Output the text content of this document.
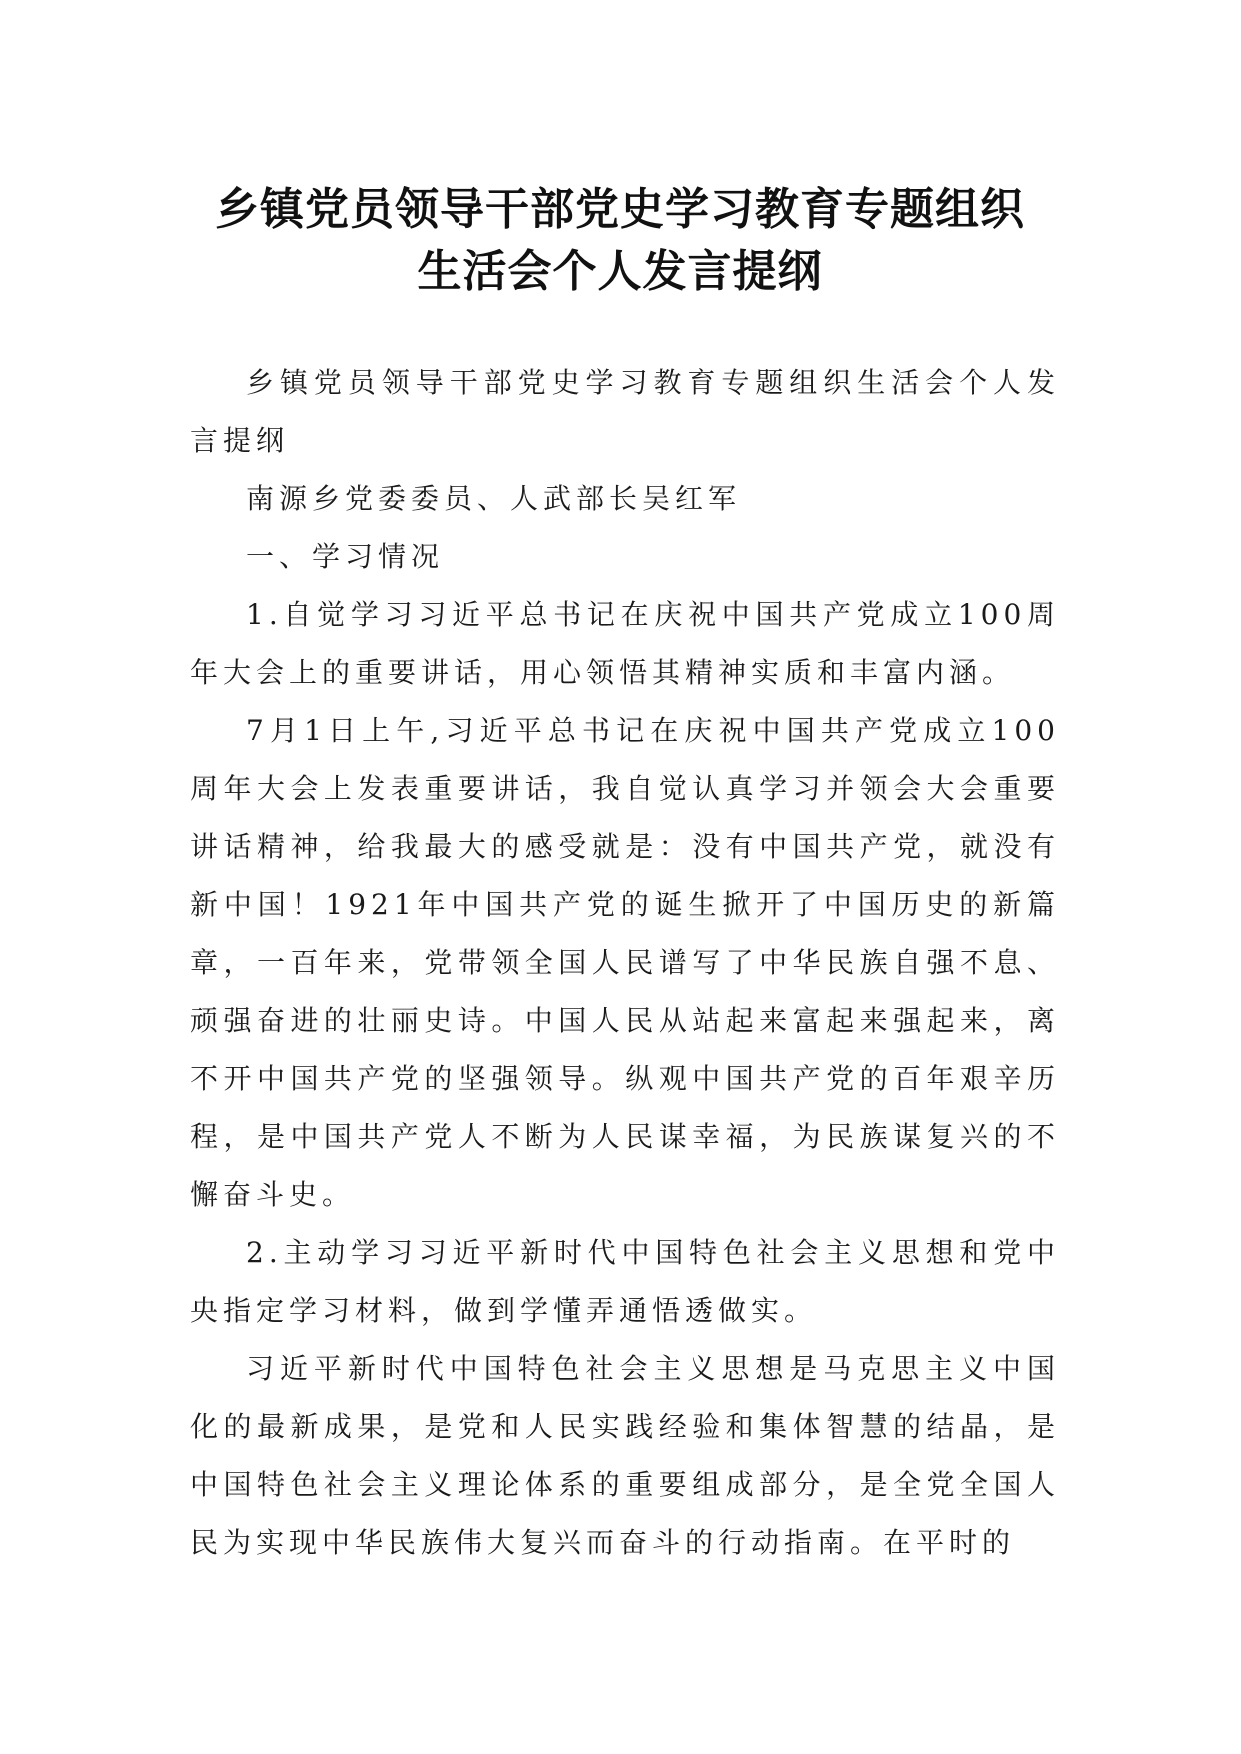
乡镇党员领导干部党史学习教育专题组织
生活会个人发言提纲

乡镇党员领导干部党史学习教育专题组织生活会个人发言提纲

南源乡党委委员、人武部长吴红军

一、学习情况

1.自觉学习习近平总书记在庆祝中国共产党成立100周年大会上的重要讲话，用心领悟其精神实质和丰富内涵。

7月1日上午,习近平总书记在庆祝中国共产党成立100周年大会上发表重要讲话，我自觉认真学习并领会大会重要讲话精神，给我最大的感受就是：没有中国共产党，就没有新中国！1921年中国共产党的诞生掀开了中国历史的新篇章，一百年来，党带领全国人民谱写了中华民族自强不息、顽强奋进的壮丽史诗。中国人民从站起来富起来强起来，离不开中国共产党的坚强领导。纵观中国共产党的百年艰辛历程，是中国共产党人不断为人民谋幸福，为民族谋复兴的不懈奋斗史。

2.主动学习习近平新时代中国特色社会主义思想和党中央指定学习材料，做到学懂弄通悟透做实。

习近平新时代中国特色社会主义思想是马克思主义中国化的最新成果，是党和人民实践经验和集体智慧的结晶，是中国特色社会主义理论体系的重要组成部分，是全党全国人民为实现中华民族伟大复兴而奋斗的行动指南。在平时的
